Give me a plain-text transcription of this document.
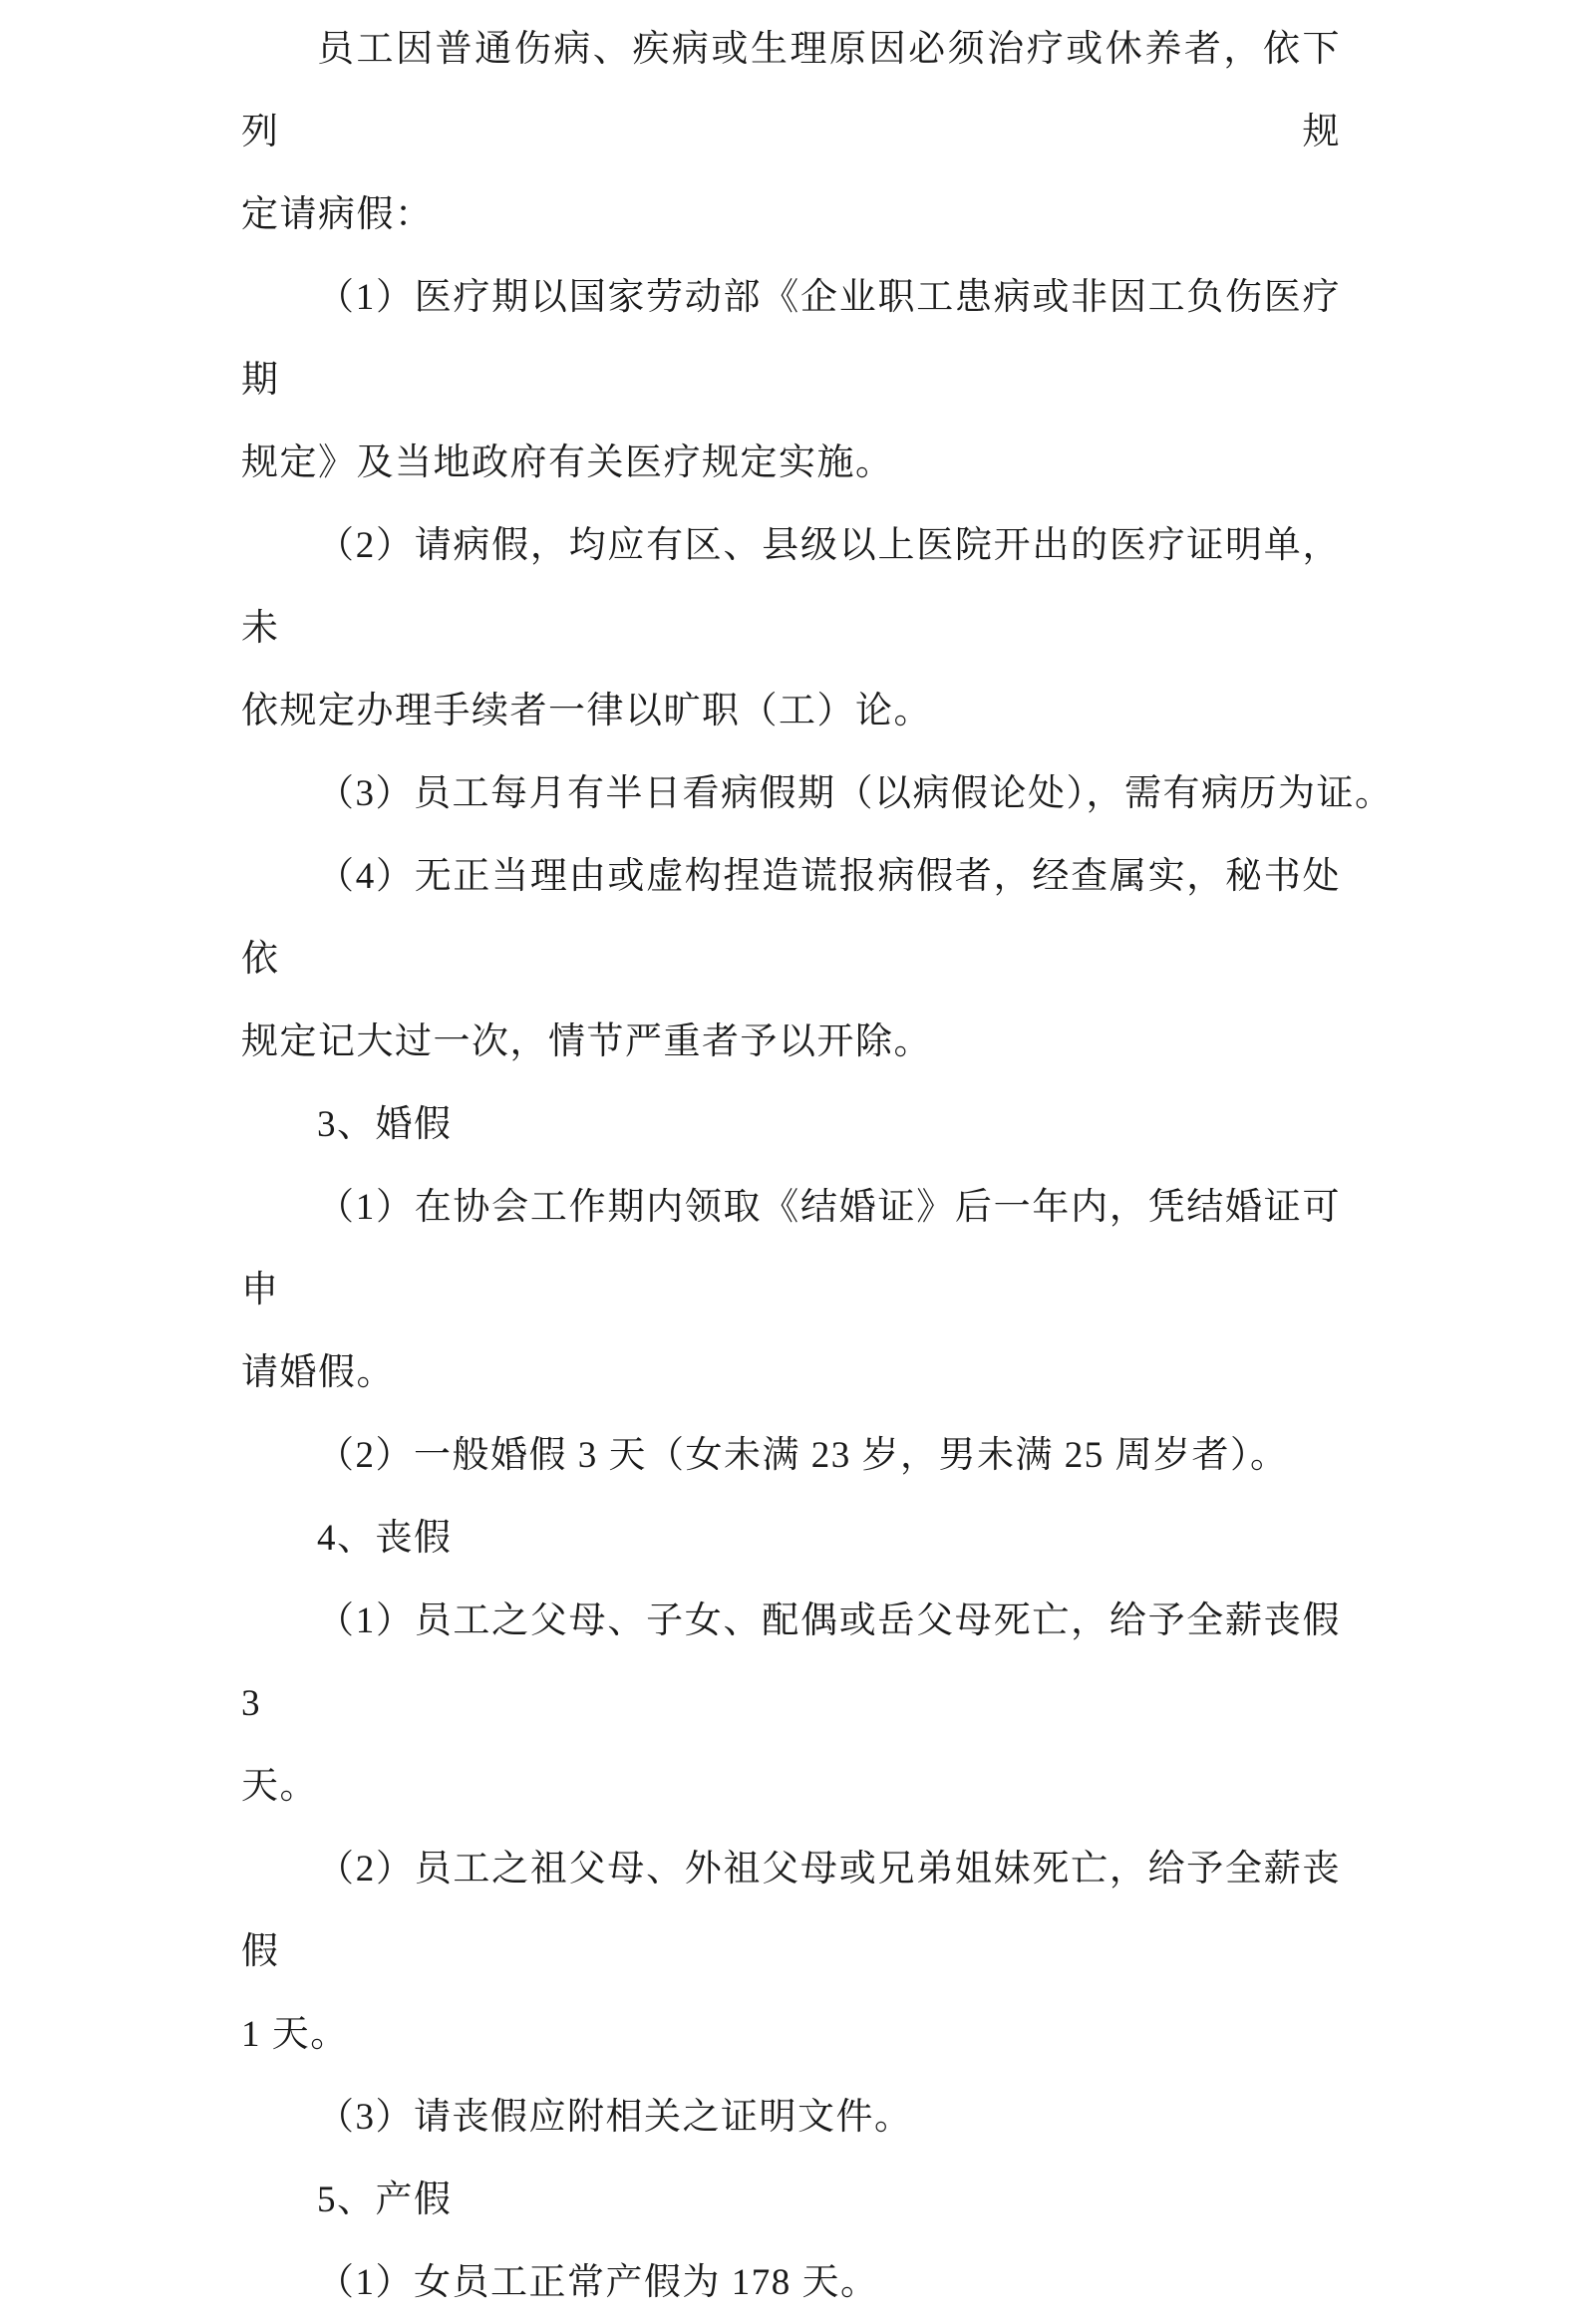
员工因普通伤病、疾病或生理原因必须治疗或休养者，依下列规

定请病假：

（1）医疗期以国家劳动部《企业职工患病或非因工负伤医疗期

规定》及当地政府有关医疗规定实施。

（2）请病假，均应有区、县级以上医院开出的医疗证明单，未

依规定办理手续者一律以旷职（工）论。

（3）员工每月有半日看病假期（以病假论处），需有病历为证。

（4）无正当理由或虚构捏造谎报病假者，经查属实，秘书处依

规定记大过一次，情节严重者予以开除。

3、婚假

（1）在协会工作期内领取《结婚证》后一年内，凭结婚证可申

请婚假。

（2）一般婚假 3 天（女未满 23 岁，男未满 25 周岁者）。

4、丧假

（1）员工之父母、子女、配偶或岳父母死亡，给予全薪丧假 3

天。

（2）员工之祖父母、外祖父母或兄弟姐妹死亡，给予全薪丧假

1 天。

（3）请丧假应附相关之证明文件。

5、产假

（1）女员工正常产假为 178 天。
